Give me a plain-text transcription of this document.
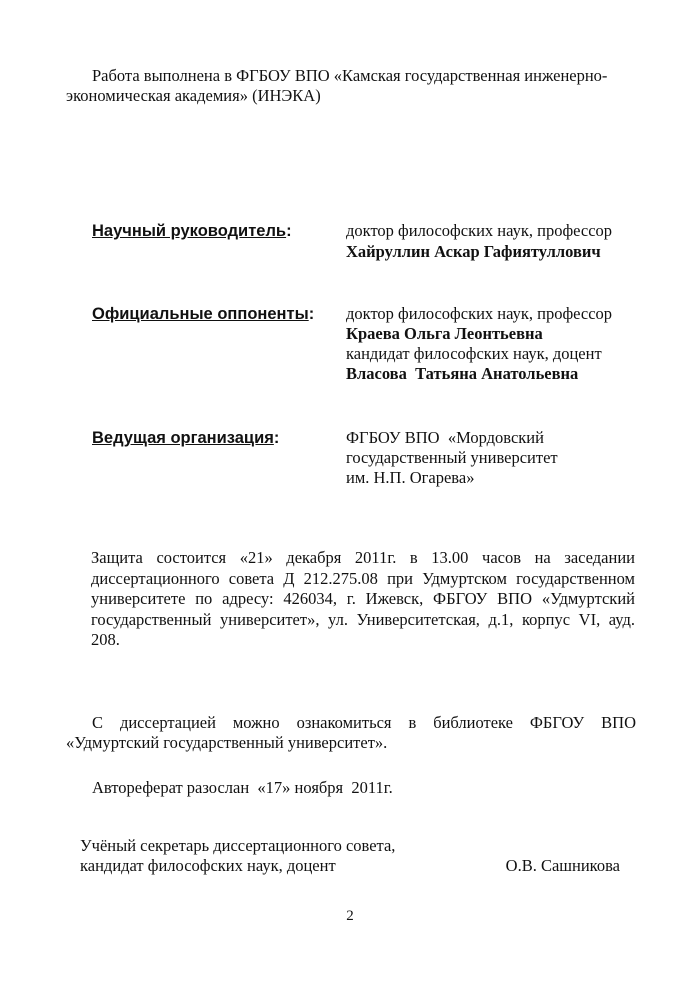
Работа выполнена в ФГБОУ ВПО «Камская государственная инженерно-
экономическая академия» (ИНЭКА)
Научный руководитель:	доктор философских наук, профессор
Хайруллин Аскар Гафиятуллович
Официальные оппоненты: доктор философских наук, профессор
Краева Ольга Леонтьевна
кандидат философских наук, доцент
Власова  Татьяна Анатольевна
Ведущая организация:	ФГБОУ ВПО  «Мордовский
государственный университет
им. Н.П. Огарева»
Защита состоится «21» декабря 2011г. в 13.00 часов на заседании диссертационного совета Д 212.275.08 при Удмуртском государственном университете по адресу: 426034, г. Ижевск, ФБГОУ ВПО «Удмуртский государственный университет», ул. Университетская, д.1, корпус VI, ауд. 208.
С диссертацией можно ознакомиться в библиотеке ФБГОУ ВПО «Удмуртский государственный университет».
Автореферат разослан  «17» ноября  2011г.
Учёный секретарь диссертационного совета,
кандидат философских наук, доцент	О.В. Сашникова
2
